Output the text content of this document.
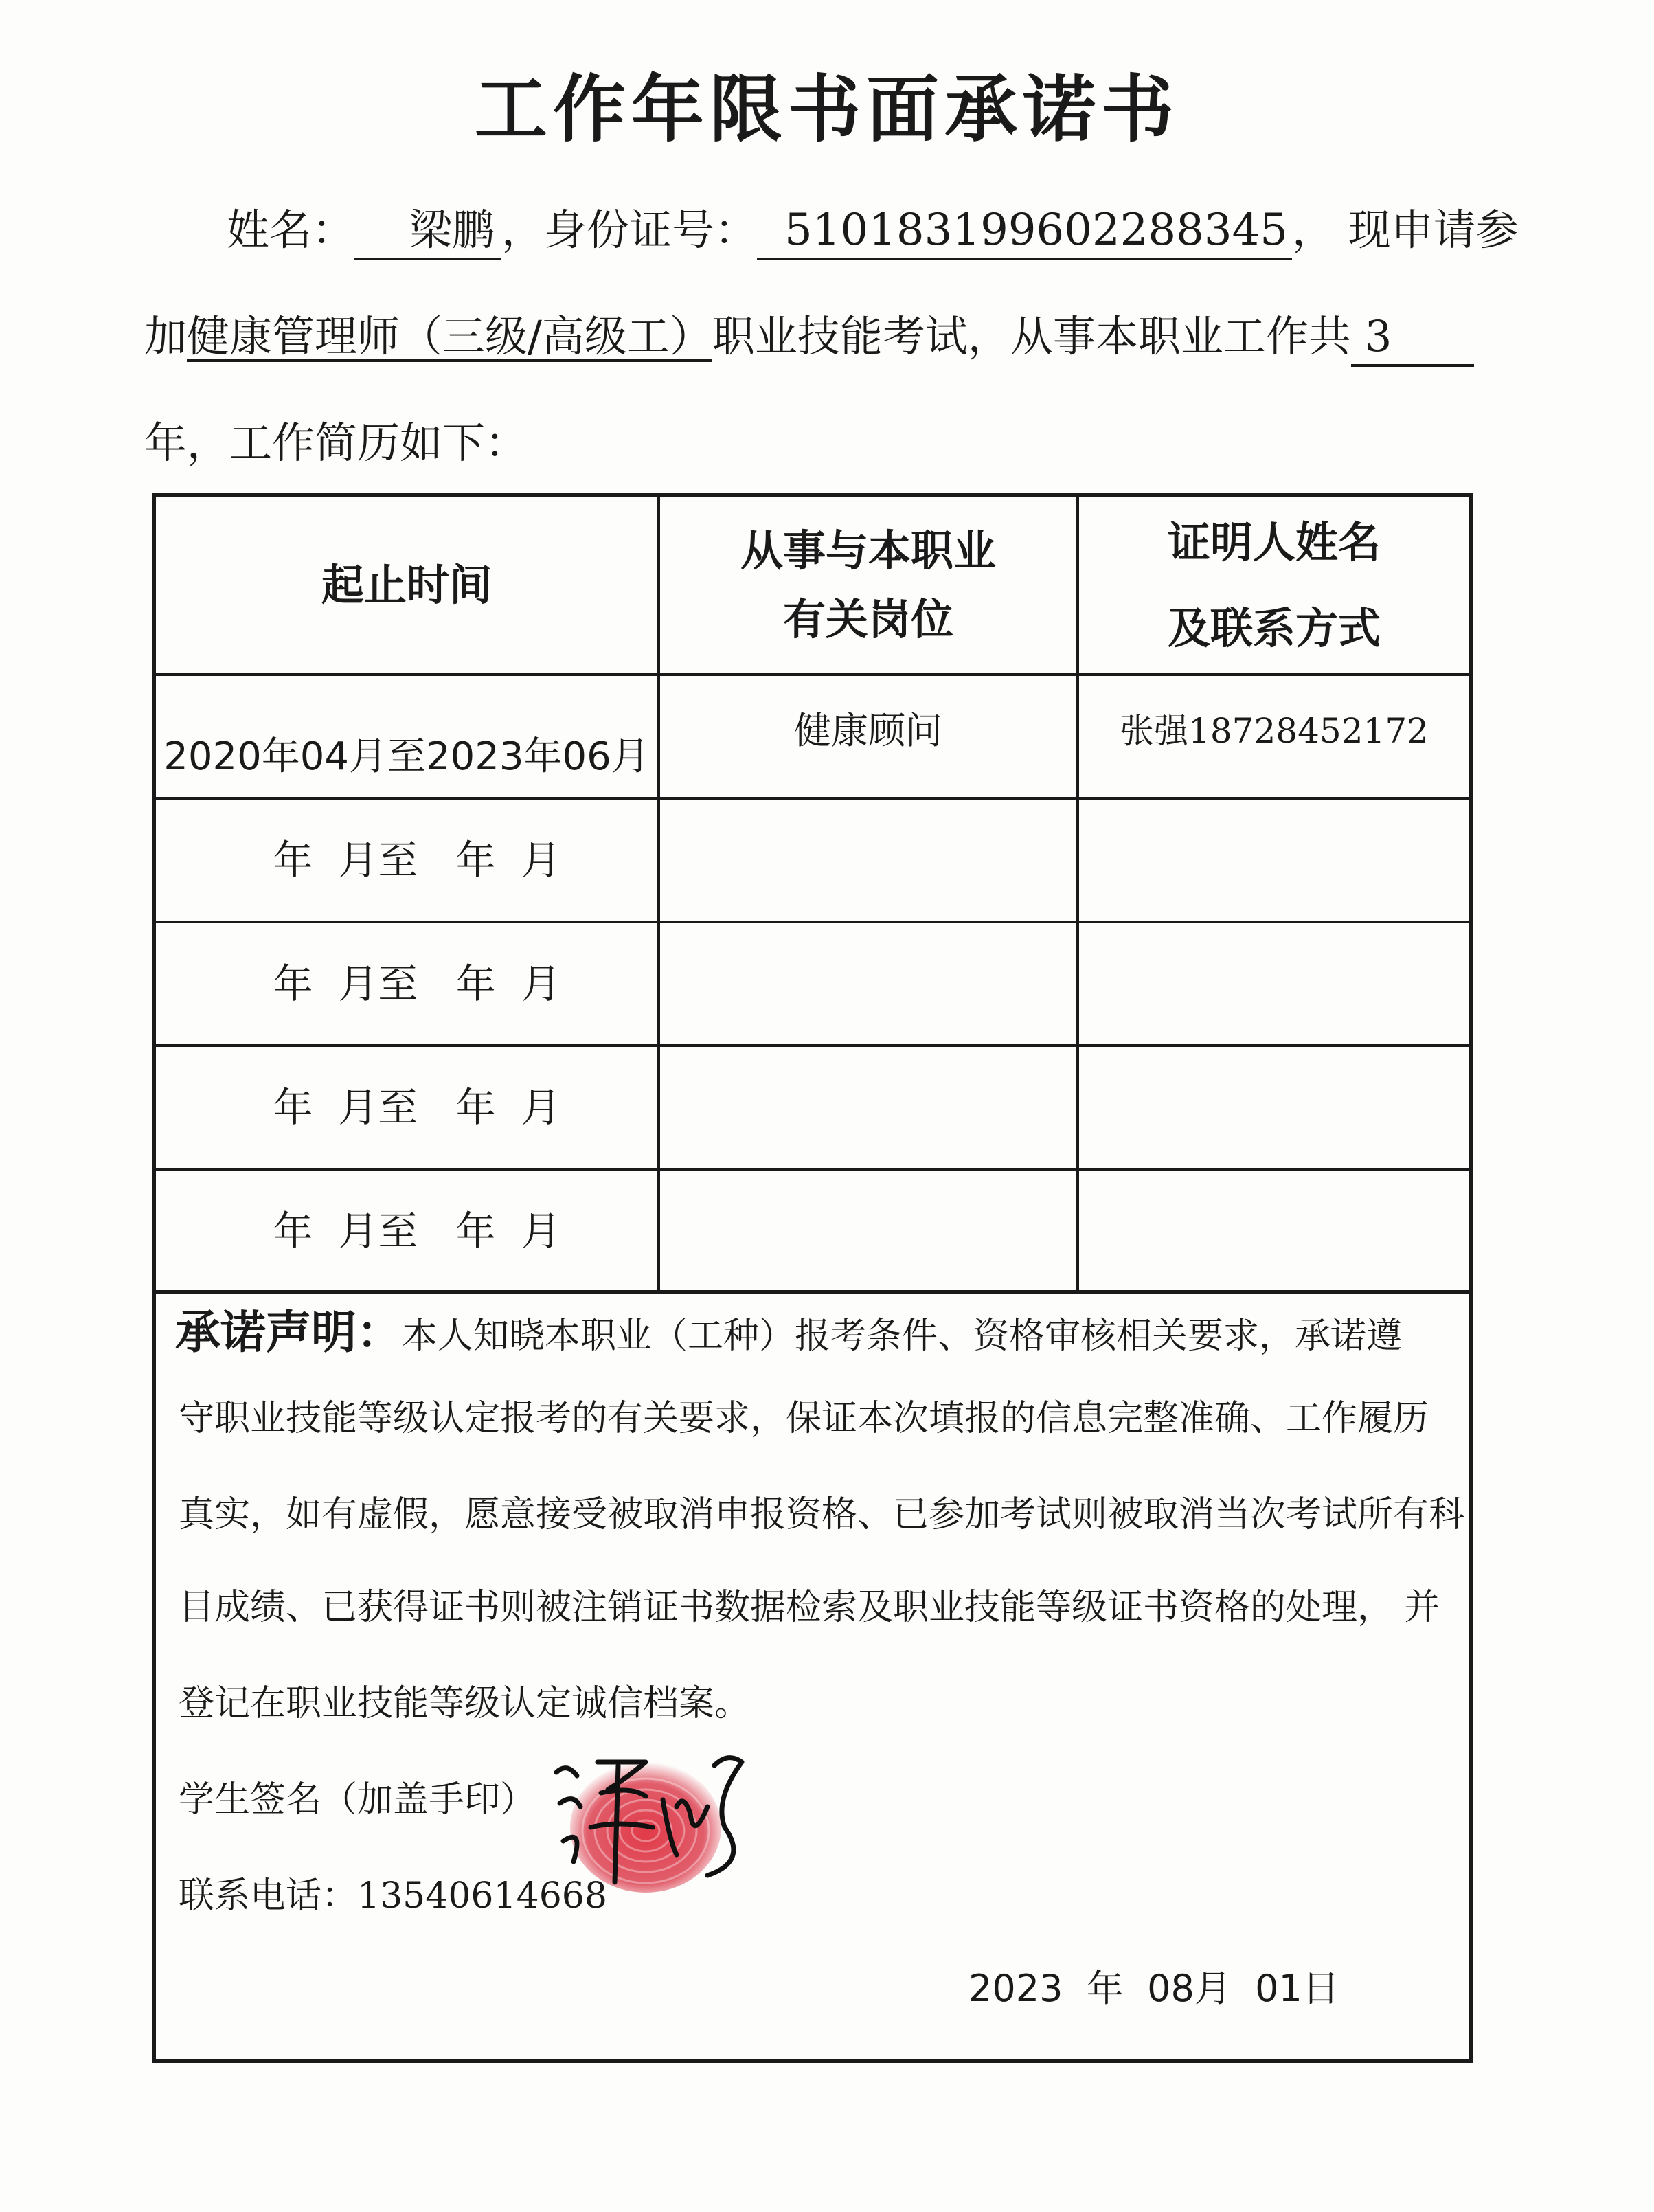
工作年限书面承诺书
姓名： 梁鹏 ，身份证号： 510183199602288345， 现申请参
加健康管理师（三级/高级工）职业技能考试，从事本职业工作共 3
年，工作简历如下：
起止时间
从事与本职业
有关岗位
证明人姓名
及联系方式
2020年04月至2023年06月
健康顾问	张强18728452172
年  月至   年  月
年  月至   年  月
年  月至   年  月
年  月至   年  月
承诺声明：本人知晓本职业（工种）报考条件、资格审核相关要求，承诺遵
守职业技能等级认定报考的有关要求，保证本次填报的信息完整准确、工作履历
真实，如有虚假，愿意接受被取消申报资格、已参加考试则被取消当次考试所有科
目成绩、已获得证书则被注销证书数据检索及职业技能等级证书资格的处理， 并
登记在职业技能等级认定诚信档案。
学生签名（加盖手印）
联系电话：13540614668
2023  年  08月  01日
